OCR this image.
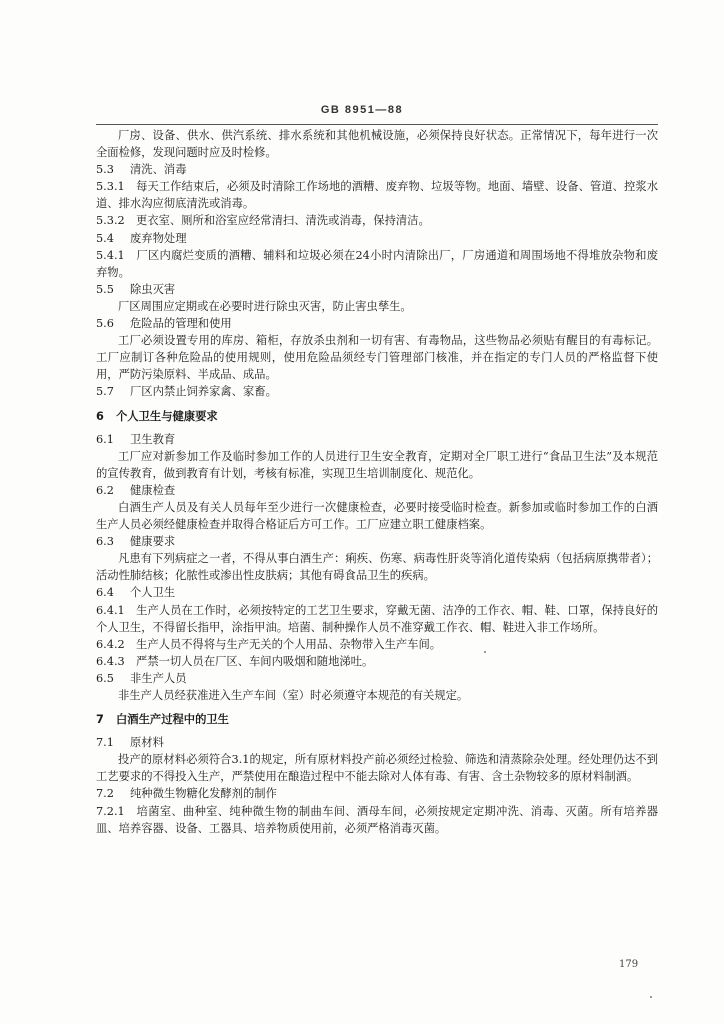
GB 8951—88

厂房、设备、供水、供汽系统、排水系统和其他机械设施，必须保持良好状态。正常情况下，每年进行一次全面检修，发现问题时应及时检修。

5.3 清洗、消毒

5.3.1　每天工作结束后，必须及时清除工作场地的酒糟、废弃物、垃圾等物。地面、墙壁、设备、管道、控浆水道、排水沟应彻底清洗或消毒。

5.3.2　更衣室、厕所和浴室应经常清扫、清洗或消毒，保持清洁。

5.4 废弃物处理

5.4.1　厂区内腐烂变质的酒糟、辅料和垃圾必须在24小时内清除出厂，厂房通道和周围场地不得堆放杂物和废弃物。

5.5 除虫灭害

厂区周围应定期或在必要时进行除虫灭害，防止害虫孳生。

5.6 危险品的管理和使用

工厂必须设置专用的库房、箱柜，存放杀虫剂和一切有害、有毒物品，这些物品必须贴有醒目的有毒标记。工厂应制订各种危险品的使用规则，使用危险品须经专门管理部门核准，并在指定的专门人员的严格监督下使用，严防污染原料、半成品、成品。

5.7 厂区内禁止饲养家禽、家畜。

6 个人卫生与健康要求

6.1 卫生教育

工厂应对新参加工作及临时参加工作的人员进行卫生安全教育，定期对全厂职工进行“食品卫生法”及本规范的宣传教育，做到教育有计划，考核有标准，实现卫生培训制度化、规范化。

6.2 健康检查

白酒生产人员及有关人员每年至少进行一次健康检查，必要时接受临时检查。新参加或临时参加工作的白酒生产人员必须经健康检查并取得合格证后方可工作。工厂应建立职工健康档案。

6.3 健康要求

凡患有下列病症之一者，不得从事白酒生产：痢疾、伤寒、病毒性肝炎等消化道传染病（包括病原携带者）；活动性肺结核；化脓性或渗出性皮肤病；其他有碍食品卫生的疾病。

6.4 个人卫生

6.4.1　生产人员在工作时，必须按特定的工艺卫生要求，穿戴无菌、洁净的工作衣、帽、鞋、口罩，保持良好的个人卫生，不得留长指甲，涂指甲油。培菌、制种操作人员不准穿戴工作衣、帽、鞋进入非工作场所。

6.4.2　生产人员不得将与生产无关的个人用品、杂物带入生产车间。

6.4.3　严禁一切人员在厂区、车间内吸烟和随地涕吐。

6.5 非生产人员

非生产人员经获准进入生产车间（室）时必须遵守本规范的有关规定。

7 白酒生产过程中的卫生

7.1 原材料

投产的原材料必须符合3.1的规定，所有原材料投产前必须经过检验、筛选和清蒸除杂处理。经处理仍达不到工艺要求的不得投入生产，严禁使用在酿造过程中不能去除对人体有毒、有害、含土杂物较多的原材料制酒。

7.2 纯种微生物糖化发酵剂的制作

7.2.1　培菌室、曲种室、纯种微生物的制曲车间、酒母车间，必须按规定定期冲洗、消毒、灭菌。所有培养器皿、培养容器、设备、工器具、培养物质使用前，必须严格消毒灭菌。

179
